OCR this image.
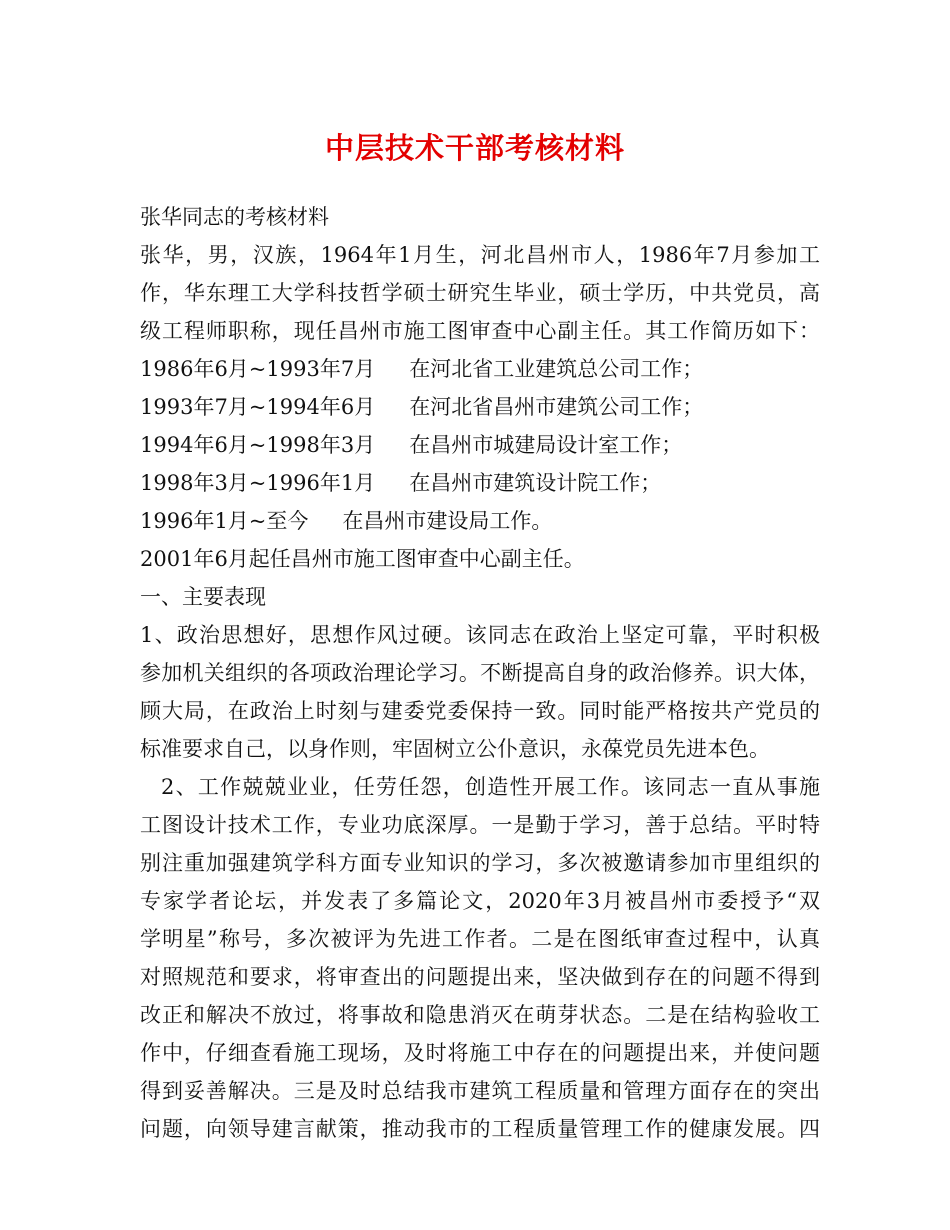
中层技术干部考核材料
张华同志的考核材料
张华，男，汉族，1964年1月生，河北昌州市人，1986年7月参加工
作，华东理工大学科技哲学硕士研究生毕业，硕士学历，中共党员，高
级工程师职称，现任昌州市施工图审查中心副主任。其工作简历如下：
1986年6月~1993年7月 在河北省工业建筑总公司工作；
1993年7月~1994年6月 在河北省昌州市建筑公司工作；
1994年6月~1998年3月 在昌州市城建局设计室工作；
1998年3月~1996年1月 在昌州市建筑设计院工作；
1996年1月~至今 在昌州市建设局工作。
2001年6月起任昌州市施工图审查中心副主任。
一、主要表现
1、政治思想好，思想作风过硬。该同志在政治上坚定可靠，平时积极
参加机关组织的各项政治理论学习。不断提高自身的政治修养。识大体，
顾大局，在政治上时刻与建委党委保持一致。同时能严格按共产党员的
标准要求自己，以身作则，牢固树立公仆意识，永葆党员先进本色。
2、工作兢兢业业，任劳任怨，创造性开展工作。该同志一直从事施
工图设计技术工作，专业功底深厚。一是勤于学习，善于总结。平时特
别注重加强建筑学科方面专业知识的学习，多次被邀请参加市里组织的
专家学者论坛，并发表了多篇论文，2020年3月被昌州市委授予“双
学明星”称号，多次被评为先进工作者。二是在图纸审查过程中，认真
对照规范和要求，将审查出的问题提出来，坚决做到存在的问题不得到
改正和解决不放过，将事故和隐患消灭在萌芽状态。二是在结构验收工
作中，仔细查看施工现场，及时将施工中存在的问题提出来，并使问题
得到妥善解决。三是及时总结我市建筑工程质量和管理方面存在的突出
问题，向领导建言献策，推动我市的工程质量管理工作的健康发展。四
